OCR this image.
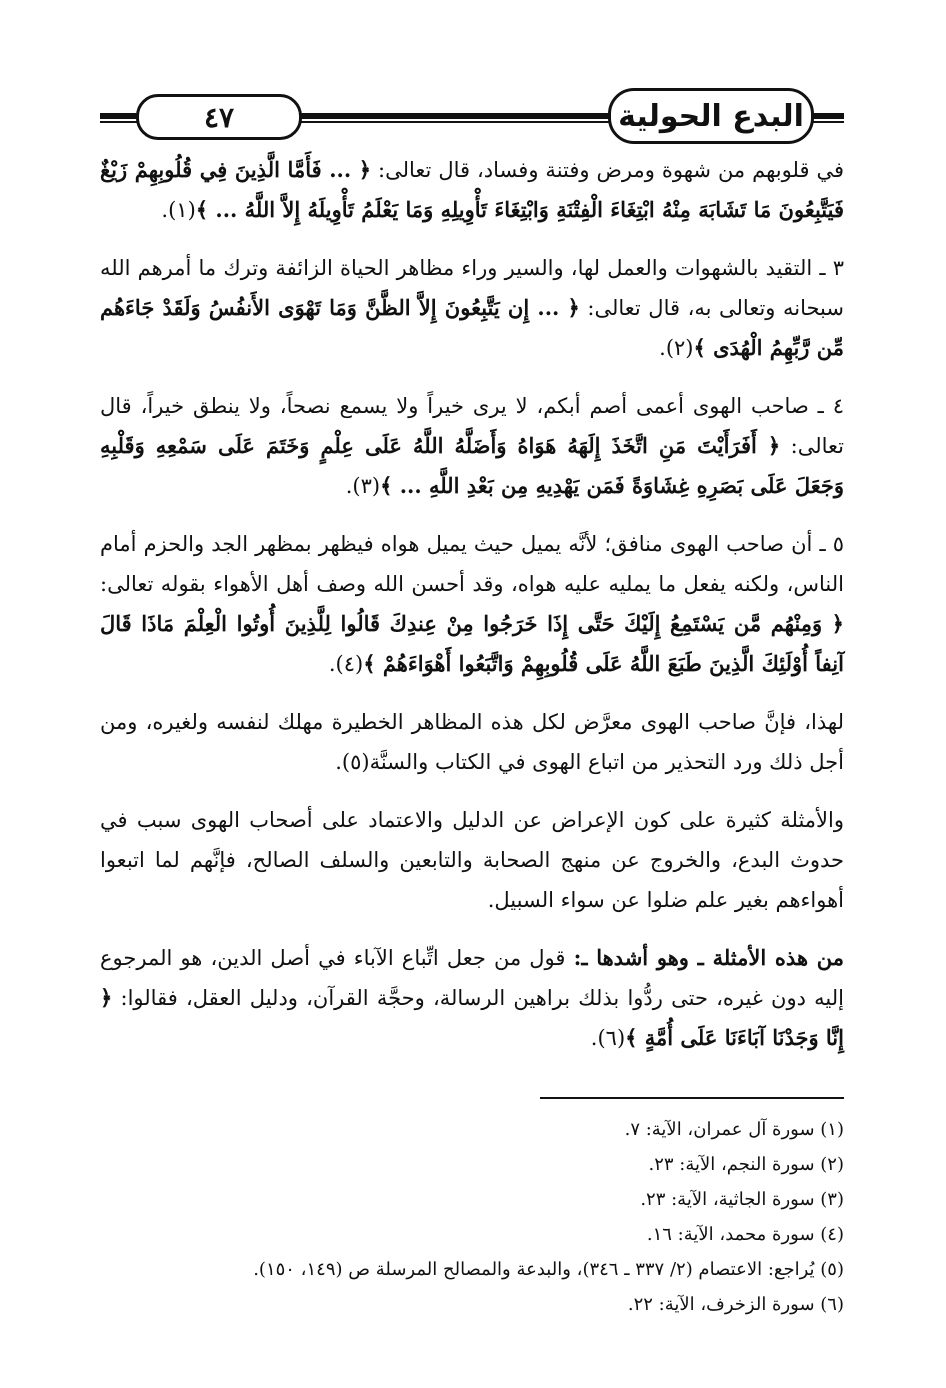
٤٧	البدع الحولية

في قلوبهم من شهوة ومرض وفتنة وفساد، قال تعالى: ﴿ ... فَأَمَّا الَّذِينَ فِي قُلُوبِهِمْ زَيْغٌ فَيَتَّبِعُونَ مَا تَشَابَهَ مِنْهُ ابْتِغَاءَ الْفِتْنَةِ وَابْتِغَاءَ تَأْوِيلِهِ وَمَا يَعْلَمُ تَأْوِيلَهُ إِلاَّ اللَّهُ ... ﴾(١).

٣ ـ التقيد بالشهوات والعمل لها، والسير وراء مظاهر الحياة الزائفة وترك ما أمرهم الله سبحانه وتعالى به، قال تعالى: ﴿ ... إِن يَتَّبِعُونَ إِلاَّ الظَّنَّ وَمَا تَهْوَى الأَنفُسُ وَلَقَدْ جَاءَهُم مِّن رَّبِّهِمُ الْهُدَى ﴾(٢).

٤ ـ صاحب الهوى أعمى أصم أبكم، لا يرى خيراً ولا يسمع نصحاً، ولا ينطق خيراً، قال تعالى: ﴿ أَفَرَأَيْتَ مَنِ اتَّخَذَ إِلَهَهُ هَوَاهُ وَأَضَلَّهُ اللَّهُ عَلَى عِلْمٍ وَخَتَمَ عَلَى سَمْعِهِ وَقَلْبِهِ وَجَعَلَ عَلَى بَصَرِهِ غِشَاوَةً فَمَن يَهْدِيهِ مِن بَعْدِ اللَّهِ ... ﴾(٣).

٥ ـ أن صاحب الهوى منافق؛ لأنَّه يميل حيث يميل هواه فيظهر بمظهر الجد والحزم أمام الناس، ولكنه يفعل ما يمليه عليه هواه، وقد أحسن الله وصف أهل الأهواء بقوله تعالى: ﴿ وَمِنْهُم مَّن يَسْتَمِعُ إِلَيْكَ حَتَّى إِذَا خَرَجُوا مِنْ عِندِكَ قَالُوا لِلَّذِينَ أُوتُوا الْعِلْمَ مَاذَا قَالَ آنِفاً أُوْلَئِكَ الَّذِينَ طَبَعَ اللَّهُ عَلَى قُلُوبِهِمْ وَاتَّبَعُوا أَهْوَاءَهُمْ ﴾(٤).

لهذا، فإنَّ صاحب الهوى معرَّض لكل هذه المظاهر الخطيرة مهلك لنفسه ولغيره، ومن أجل ذلك ورد التحذير من اتباع الهوى في الكتاب والسنَّة(٥).

والأمثلة كثيرة على كون الإعراض عن الدليل والاعتماد على أصحاب الهوى سبب في حدوث البدع، والخروج عن منهج الصحابة والتابعين والسلف الصالح، فإنَّهم لما اتبعوا أهواءهم بغير علم ضلوا عن سواء السبيل.

من هذه الأمثلة ـ وهو أشدها ـ: قول من جعل اتِّباع الآباء في أصل الدين، هو المرجوع إليه دون غيره، حتى ردُّوا بذلك براهين الرسالة، وحجَّة القرآن، ودليل العقل، فقالوا: ﴿ إِنَّا وَجَدْنَا آبَاءَنَا عَلَى أُمَّةٍ ﴾(٦).

(١) سورة آل عمران، الآية: ٧.
(٢) سورة النجم، الآية: ٢٣.
(٣) سورة الجاثية، الآية: ٢٣.
(٤) سورة محمد، الآية: ١٦.
(٥) يُراجع: الاعتصام (٢/ ٣٣٧ ـ ٣٤٦)، والبدعة والمصالح المرسلة ص (١٤٩، ١٥٠).
(٦) سورة الزخرف، الآية: ٢٢.
